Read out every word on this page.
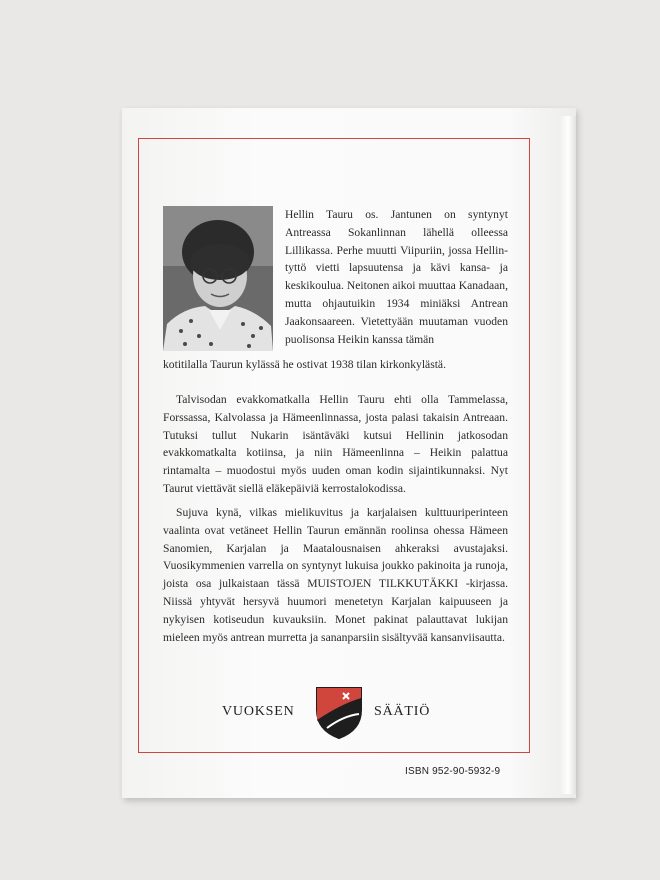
Hellin Tauru os. Jantunen on syntynyt Antreassa Sokanlinnan lähellä olleessa Lillikassa. Perhe muutti Viipuriin, jossa Hellin-tyttö vietti lapsuutensa ja kävi kansa- ja keskikoulua. Neitonen aikoi muuttaa Kanadaan, mutta ohjautuikin 1934 miniäksi Antrean Jaakonsaareen. Vietettyään muutaman vuoden puolisonsa Heikin kanssa tämän
kotitilalla Taurun kylässä he ostivat 1938 tilan kirkonkylästä.
Talvisodan evakkomatkalla Hellin Tauru ehti olla Tammelassa, Forssassa, Kalvolassa ja Hämeenlinnassa, josta palasi takaisin Antreaan. Tutuksi tullut Nukarin isäntäväki kutsui Hellinin jatkosodan evakkomatkalta kotiinsa, ja niin Hämeenlinna – Heikin palattua rintamalta – muodostui myös uuden oman kodin sijaintikunnaksi. Nyt Taurut viettävät siellä eläkepäiviä kerrostalokodissa.
Sujuva kynä, vilkas mielikuvitus ja karjalaisen kulttuuriperinteen vaalinta ovat vetäneet Hellin Taurun emännän roolinsa ohessa Hämeen Sanomien, Karjalan ja Maatalousnaisen ahkeraksi avustajaksi. Vuosikymmenien varrella on syntynyt lukuisa joukko pakinoita ja runoja, joista osa julkaistaan tässä MUISTOJEN TILKKUTÄKKI -kirjassa. Niissä yhtyvät hersyvä huumori menetetyn Karjalan kaipuuseen ja nykyisen kotiseudun kuvauksiin. Monet pakinat palauttavat lukijan mieleen myös antrean murretta ja sananparsiin sisältyvää kansanviisautta.
VUOKSEN	SÄÄTIÖ
ISBN 952-90-5932-9
